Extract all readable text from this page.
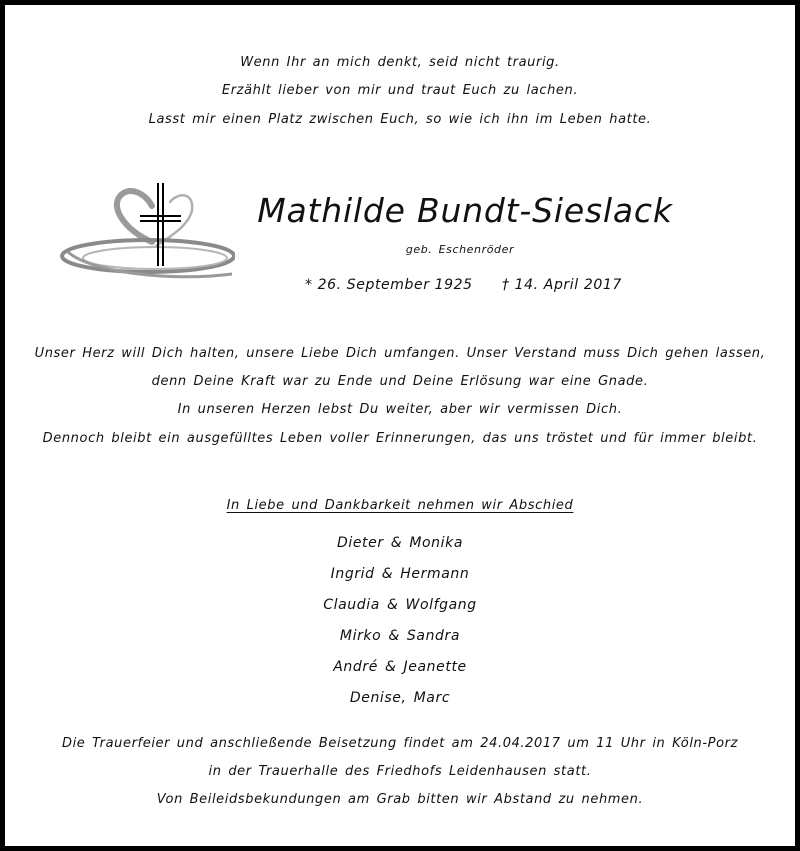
Wenn Ihr an mich denkt, seid nicht traurig.
Erzählt lieber von mir und traut Euch zu lachen.
Lasst mir einen Platz zwischen Euch, so wie ich ihn im Leben hatte.
Mathilde Bundt-Sieslack
geb. Eschenröder
* 26. September 1925 † 14. April 2017
Unser Herz will Dich halten, unsere Liebe Dich umfangen. Unser Verstand muss Dich gehen lassen,
denn Deine Kraft war zu Ende und Deine Erlösung war eine Gnade.
In unseren Herzen lebst Du weiter, aber wir vermissen Dich.
Dennoch bleibt ein ausgefülltes Leben voller Erinnerungen, das uns tröstet und für immer bleibt.
In Liebe und Dankbarkeit nehmen wir Abschied
Dieter & Monika
Ingrid & Hermann
Claudia & Wolfgang
Mirko & Sandra
André & Jeanette
Denise, Marc
Die Trauerfeier und anschließende Beisetzung findet am 24.04.2017 um 11 Uhr in Köln-Porz
in der Trauerhalle des Friedhofs Leidenhausen statt.
Von Beileidsbekundungen am Grab bitten wir Abstand zu nehmen.
